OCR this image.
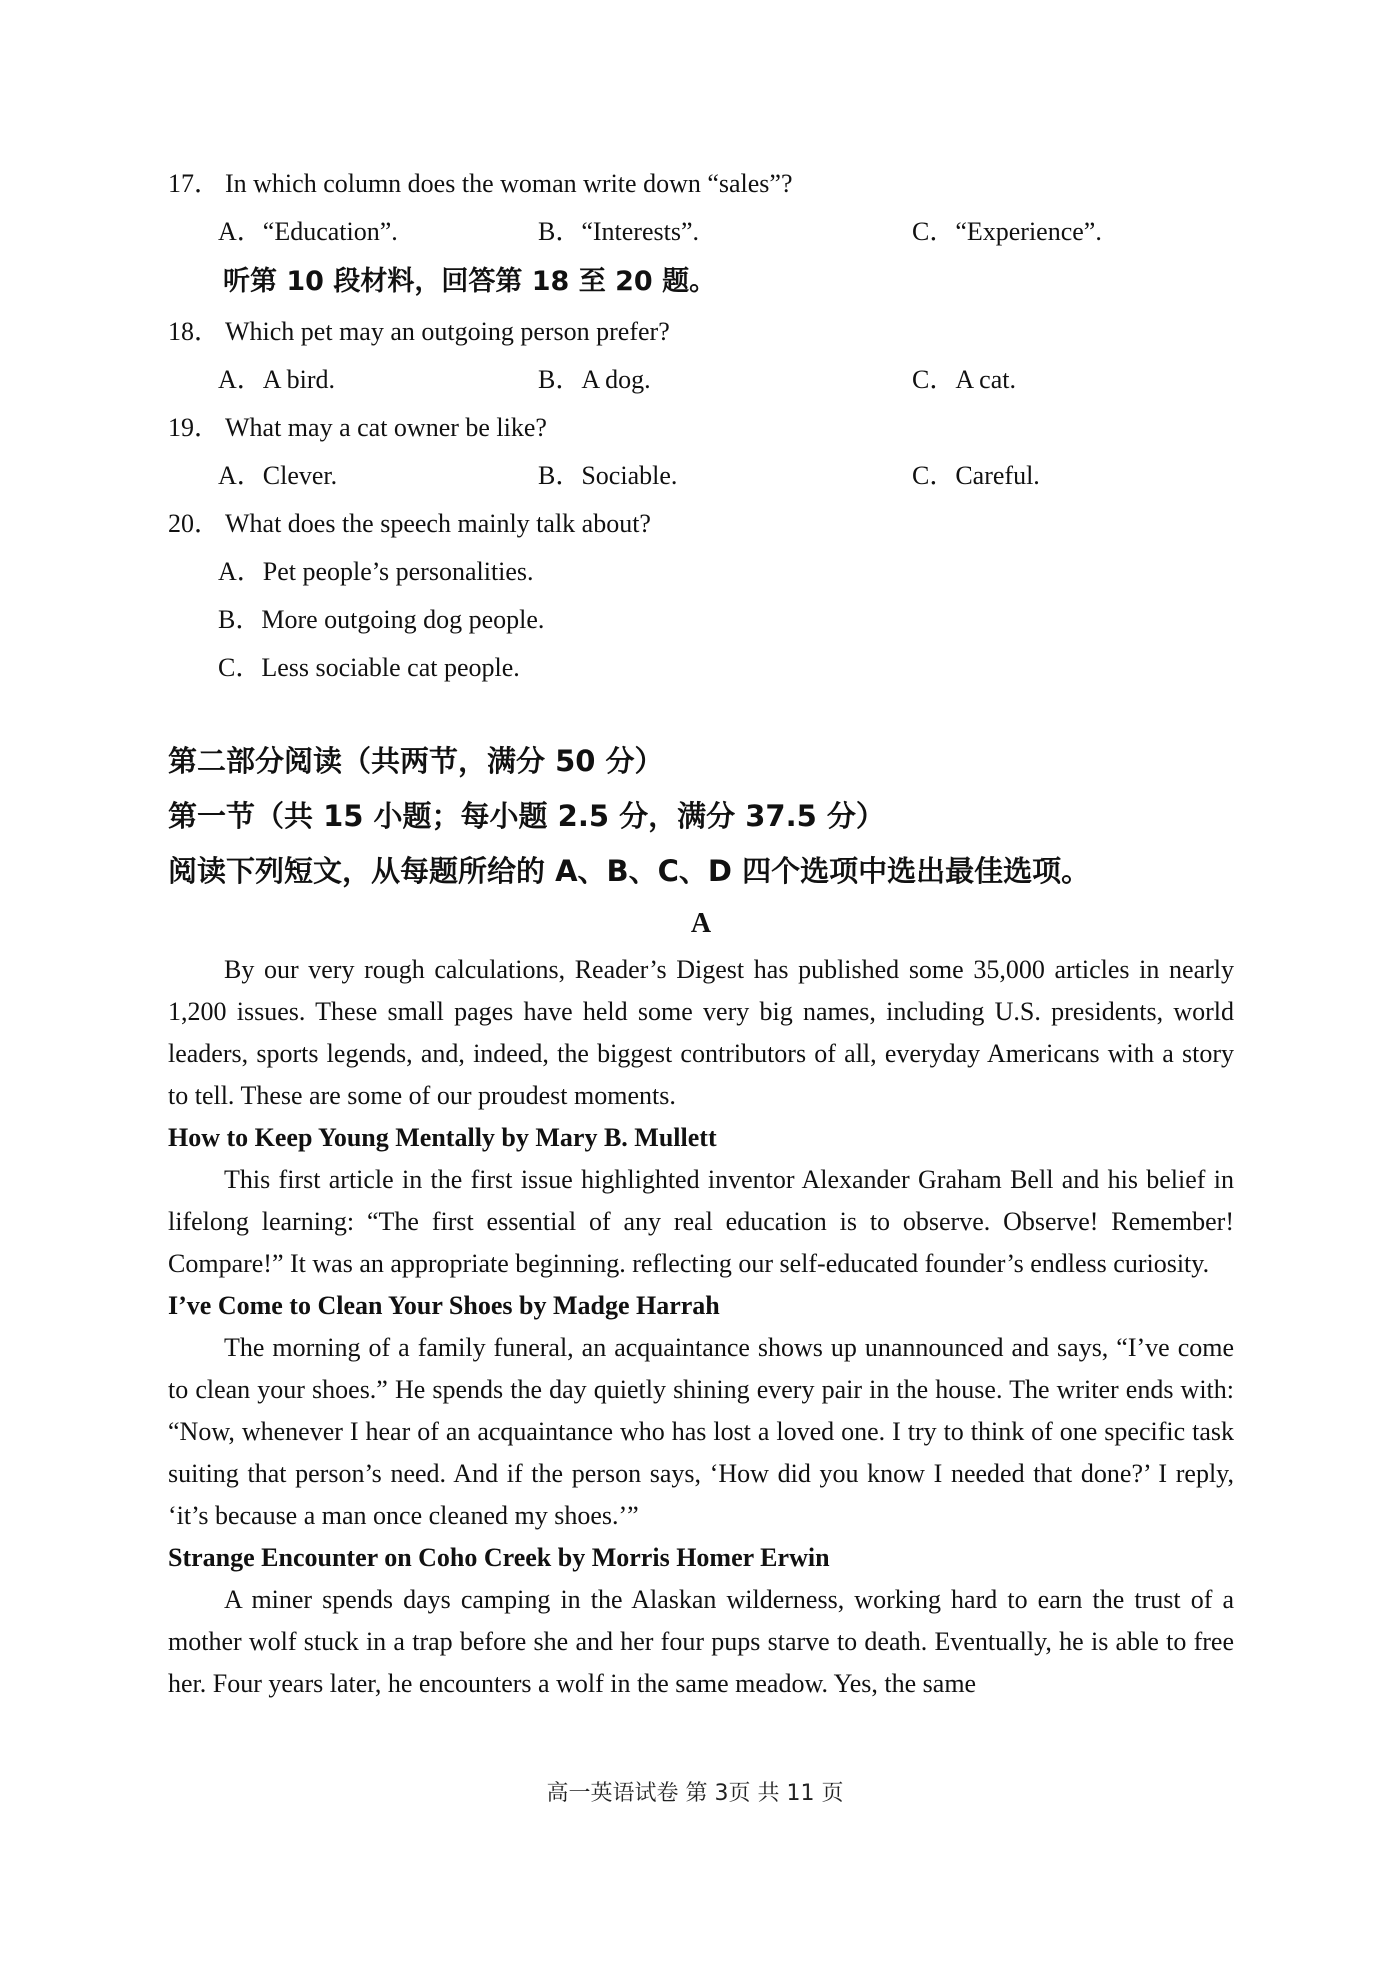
17． In which column does the woman write down “sales”?
A．“Education”.	B．“Interests”.	C．“Experience”.
听第 10 段材料，回答第 18 至 20 题。
18． Which pet may an outgoing person prefer?
A．A bird.	B．A dog.	C．A cat.
19． What may a cat owner be like?
A．Clever.	B．Sociable.	C．Careful.
20． What does the speech mainly talk about?
A．Pet people’s personalities.
B．More outgoing dog people.
C．Less sociable cat people.
第二部分阅读（共两节，满分 50 分）
第一节（共 15 小题；每小题 2.5 分，满分 37.5 分）
阅读下列短文，从每题所给的 A、B、C、D 四个选项中选出最佳选项。
A

By our very rough calculations, Reader’s Digest has published some 35,000 articles in nearly 1,200 issues. These small pages have held some very big names, including U.S. presidents, world leaders, sports legends, and, indeed, the biggest contributors of all, everyday Americans with a story to tell. These are some of our proudest moments.

How to Keep Young Mentally by Mary B. Mullett

This first article in the first issue highlighted inventor Alexander Graham Bell and his belief in lifelong learning: “The first essential of any real education is to observe. Observe! Remember! Compare!” It was an appropriate beginning. reflecting our self-educated founder’s endless curiosity.

I’ve Come to Clean Your Shoes by Madge Harrah

The morning of a family funeral, an acquaintance shows up unannounced and says, “I’ve come to clean your shoes.” He spends the day quietly shining every pair in the house. The writer ends with: “Now, whenever I hear of an acquaintance who has lost a loved one. I try to think of one specific task suiting that person’s need. And if the person says, ‘How did you know I needed that done?’ I reply, ‘it’s because a man once cleaned my shoes.’”

Strange Encounter on Coho Creek by Morris Homer Erwin

A miner spends days camping in the Alaskan wilderness, working hard to earn the trust of a mother wolf stuck in a trap before she and her four pups starve to death. Eventually, he is able to free her. Four years later, he encounters a wolf in the same meadow. Yes, the same

高一英语试卷 第 3页 共 11 页
